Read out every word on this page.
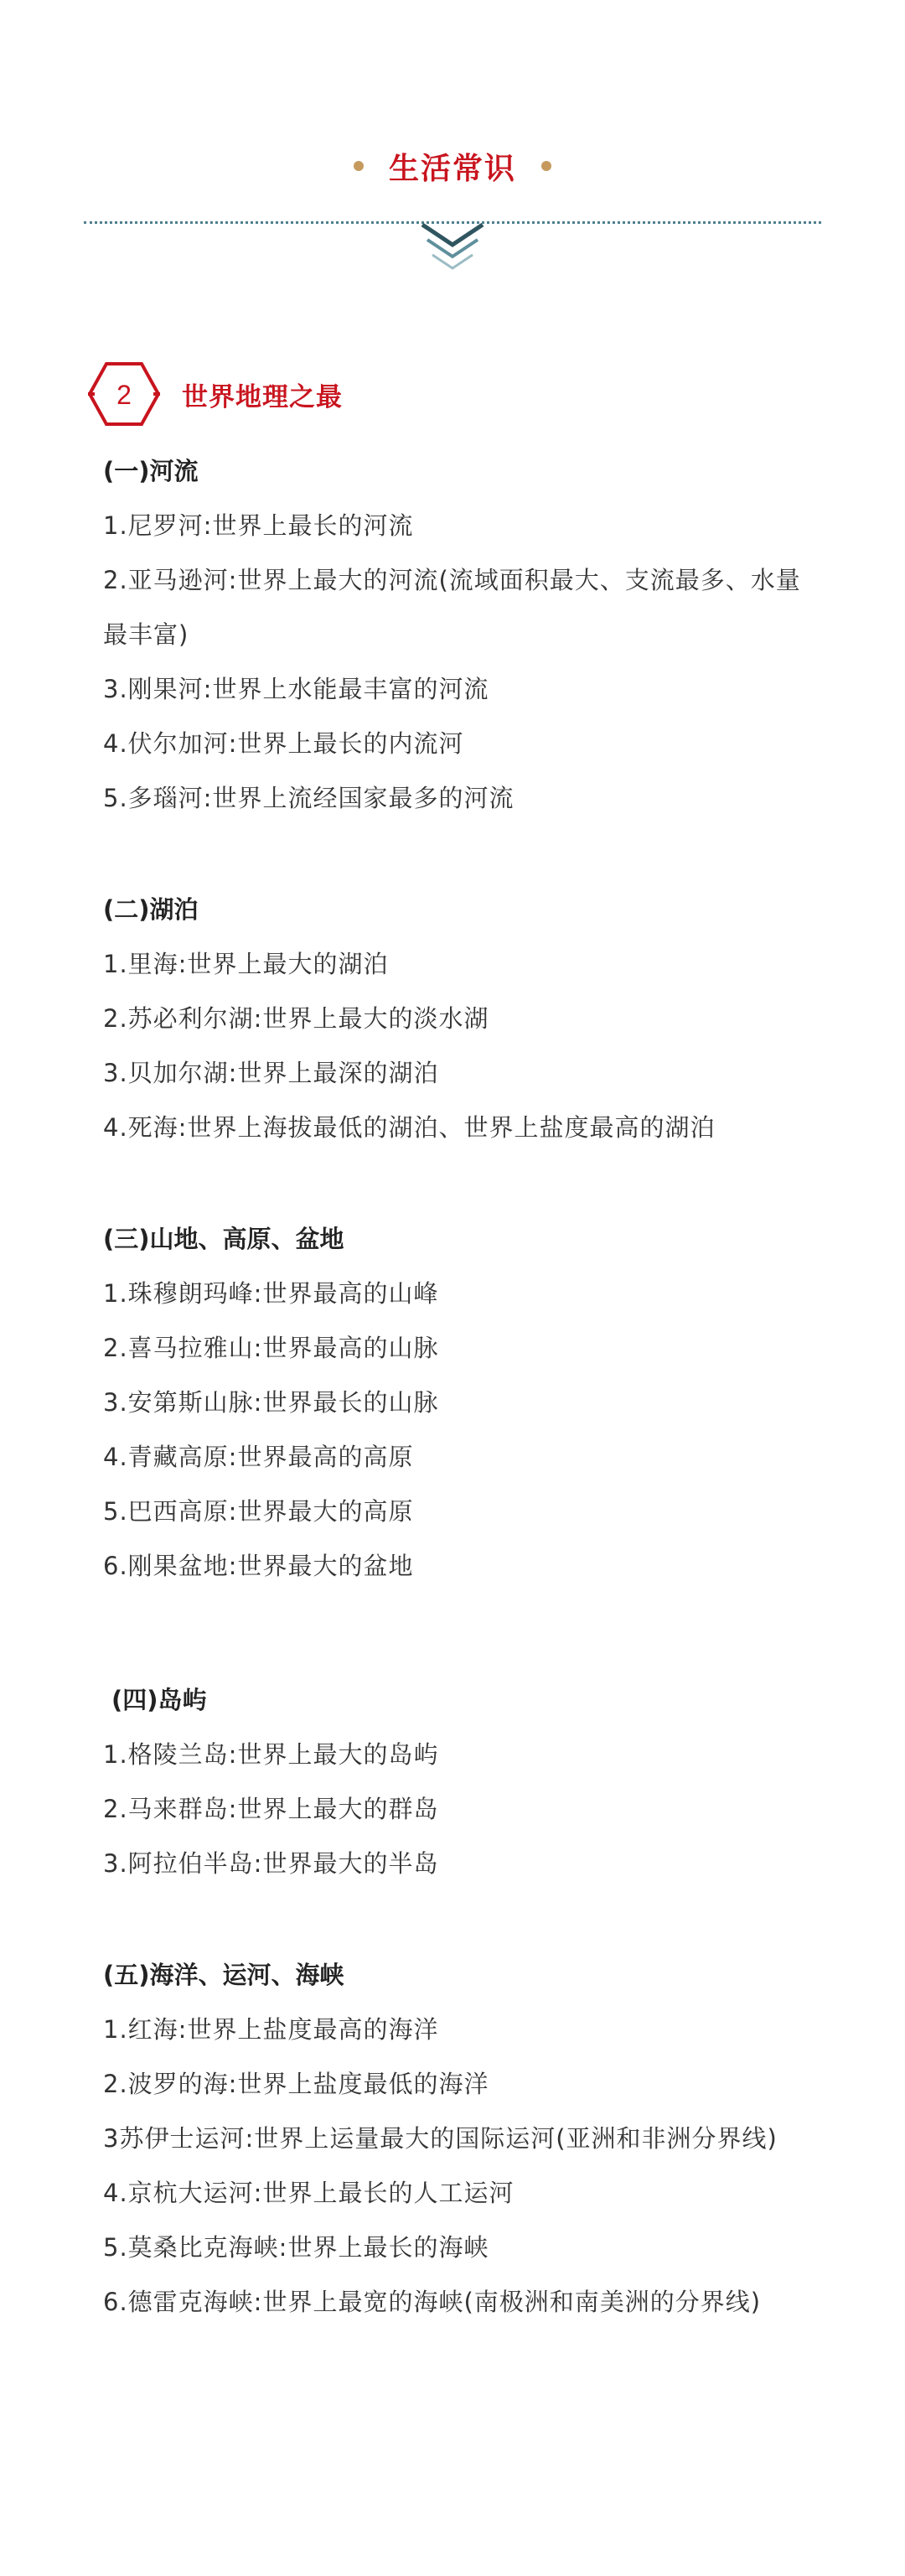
生活常识
2 世界地理之最
(一)河流
1.尼罗河:世界上最长的河流
2.亚马逊河:世界上最大的河流(流域面积最大、支流最多、水量最丰富)
3.刚果河:世界上水能最丰富的河流
4.伏尔加河:世界上最长的内流河
5.多瑙河:世界上流经国家最多的河流
(二)湖泊
1.里海:世界上最大的湖泊
2.苏必利尔湖:世界上最大的淡水湖
3.贝加尔湖:世界上最深的湖泊
4.死海:世界上海拔最低的湖泊、世界上盐度最高的湖泊
(三)山地、高原、盆地
1.珠穆朗玛峰:世界最高的山峰
2.喜马拉雅山:世界最高的山脉
3.安第斯山脉:世界最长的山脉
4.青藏高原:世界最高的高原
5.巴西高原:世界最大的高原
6.刚果盆地:世界最大的盆地
(四)岛屿
1.格陵兰岛:世界上最大的岛屿
2.马来群岛:世界上最大的群岛
3.阿拉伯半岛:世界最大的半岛
(五)海洋、运河、海峡
1.红海:世界上盐度最高的海洋
2.波罗的海:世界上盐度最低的海洋
3苏伊士运河:世界上运量最大的国际运河(亚洲和非洲分界线)
4.京杭大运河:世界上最长的人工运河
5.莫桑比克海峡:世界上最长的海峡
6.德雷克海峡:世界上最宽的海峡(南极洲和南美洲的分界线)
